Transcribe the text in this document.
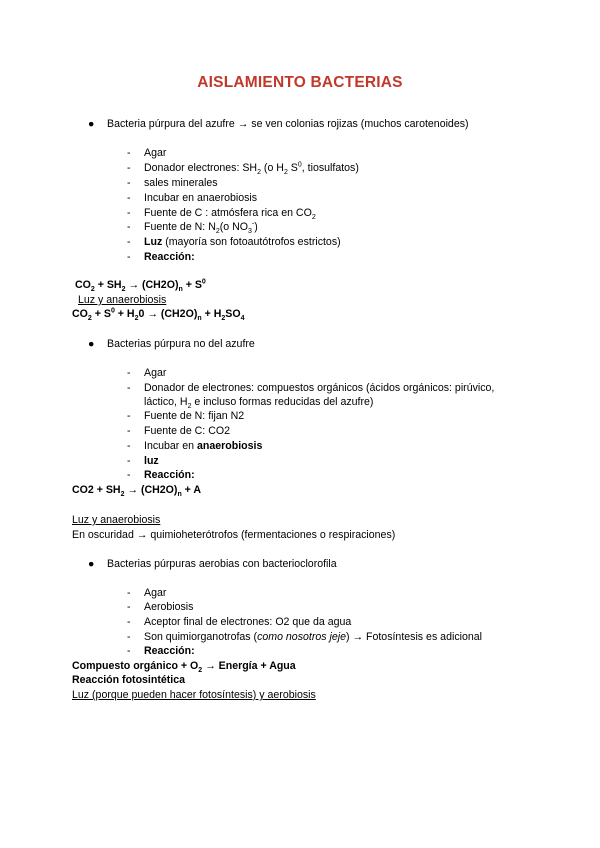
AISLAMIENTO BACTERIAS
● Bacteria púrpura del azufre → se ven colonias rojizas (muchos carotenoides)
- Agar
- Donador electrones: $SH_2$ (o $H_2$ $S^0$, tiosulfatos)
- sales minerales
- Incubar en anaerobiosis
- Fuente de C : atmósfera rica en $CO_2$
- Fuente de N: $N_2(o$ $NO_3^-$)
- Luz (mayoría son fotoautótrofos estrictos)
- Reacción:
$CO_2 + SH_2 \to (CH2O)_n + S^0$
Luz y anaerobiosis
$CO_2 + S^0 + H_20 \to (CH2O)_n + H_2SO_4$
● Bacterias púrpura no del azufre
- Agar
- Donador de electrones: compuestos orgánicos (ácidos orgánicos: pirúvico,
láctico, $H_2$ e incluso formas reducidas del azufre)
- Fuente de N: fijan N2
- Fuente de C: CO2
- Incubar en anaerobiosis
- luz
- Reacción:
$CO2 + SH_2 \to (CH2O)_n + A$
Luz y anaerobiosis
En oscuridad → quimioheterótrofos (fermentaciones o respiraciones)
● Bacterias púrpuras aerobias con bacterioclorofila
- Agar
- Aerobiosis
- Aceptor final de electrones: O2 que da agua
- Son quimiorganotrofas (como nosotros jeje) → Fotosíntesis es adicional
- Reacción:
Compuesto orgánico + $O_2$ → Energía + Agua
Reacción fotosintética
Luz (porque pueden hacer fotosíntesis) y aerobiosis
